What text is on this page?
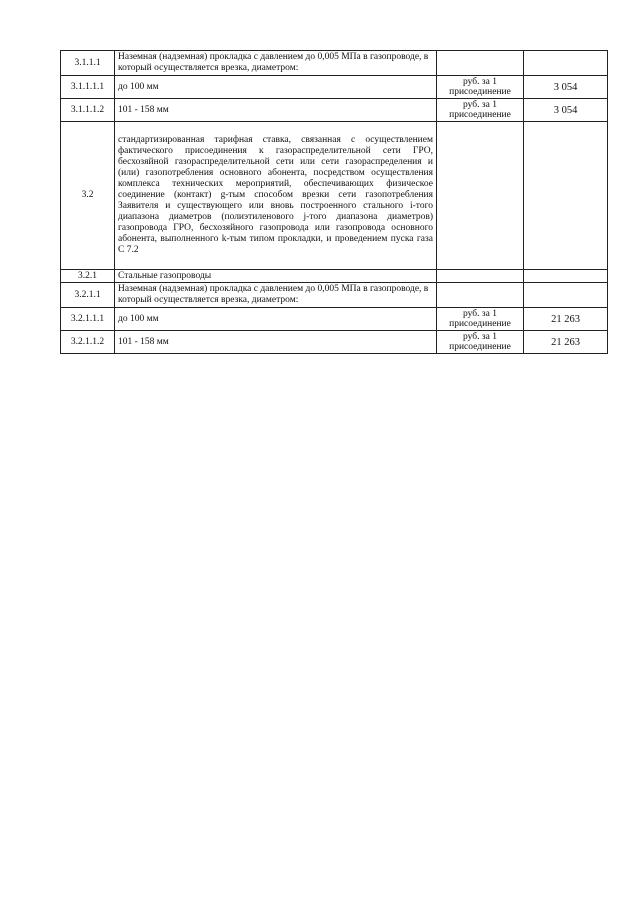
3.1.1.1	Наземная (надземная) прокладка с давлением до 0,005 МПа в газопроводе, в который осуществляется врезка, диаметром:		
3.1.1.1.1	до 100 мм	руб. за 1 присоединение	3 054
3.1.1.1.2	101 - 158 мм	руб. за 1 присоединение	3 054
3.2	стандартизированная тарифная ставка, связанная с осуществлением фактического присоединения к газораспределительной сети ГРО, бесхозяйной газораспределительной сети или сети газораспределения и (или) газопотребления основного абонента, посредством осуществления комплекса технических мероприятий, обеспечивающих физическое соединение (контакт) g-тым способом врезки сети газопотребления Заявителя и существующего или вновь построенного стального i-того диапазона диаметров (полиэтиленового j-того диапазона диаметров) газопровода ГРО, бесхозяйного газопровода или газопровода основного абонента, выполненного k-тым типом прокладки, и проведением пуска газа С 7.2		
3.2.1	Стальные газопроводы		
3.2.1.1	Наземная (надземная) прокладка с давлением до 0,005 МПа в газопроводе, в который осуществляется врезка, диаметром:		
3.2.1.1.1	до 100 мм	руб. за 1 присоединение	21 263
3.2.1.1.2	101 - 158 мм	руб. за 1 присоединение	21 263
